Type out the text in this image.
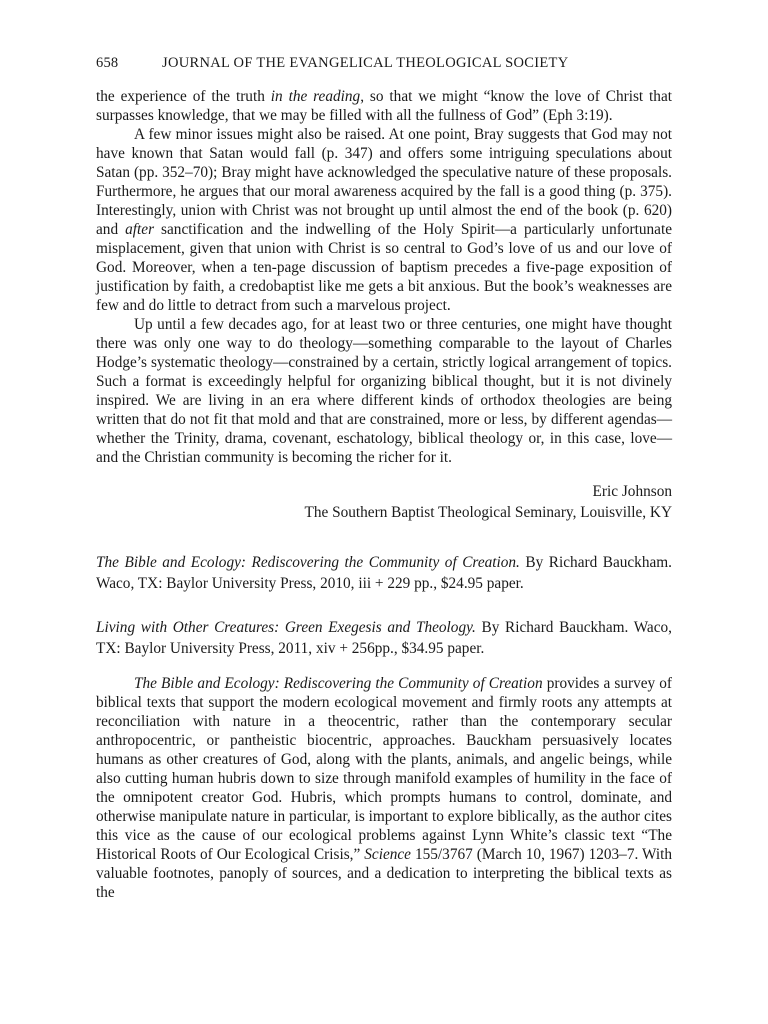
658	JOURNAL OF THE EVANGELICAL THEOLOGICAL SOCIETY

the experience of the truth in the reading, so that we might “know the love of Christ that surpasses knowledge, that we may be filled with all the fullness of God” (Eph 3:19).

A few minor issues might also be raised. At one point, Bray suggests that God may not have known that Satan would fall (p. 347) and offers some intriguing speculations about Satan (pp. 352–70); Bray might have acknowledged the speculative nature of these proposals. Furthermore, he argues that our moral awareness acquired by the fall is a good thing (p. 375). Interestingly, union with Christ was not brought up until almost the end of the book (p. 620) and after sanctification and the indwelling of the Holy Spirit—a particularly unfortunate misplacement, given that union with Christ is so central to God’s love of us and our love of God. Moreover, when a ten-page discussion of baptism precedes a five-page exposition of justification by faith, a credobaptist like me gets a bit anxious. But the book’s weaknesses are few and do little to detract from such a marvelous project.

Up until a few decades ago, for at least two or three centuries, one might have thought there was only one way to do theology—something comparable to the layout of Charles Hodge’s systematic theology—constrained by a certain, strictly logical arrangement of topics. Such a format is exceedingly helpful for organizing biblical thought, but it is not divinely inspired. We are living in an era where different kinds of orthodox theologies are being written that do not fit that mold and that are constrained, more or less, by different agendas—whether the Trinity, drama, covenant, eschatology, biblical theology or, in this case, love—and the Christian community is becoming the richer for it.

Eric Johnson
The Southern Baptist Theological Seminary, Louisville, KY
The Bible and Ecology: Rediscovering the Community of Creation. By Richard Bauckham. Waco, TX: Baylor University Press, 2010, iii + 229 pp., $24.95 paper.
Living with Other Creatures: Green Exegesis and Theology. By Richard Bauckham. Waco, TX: Baylor University Press, 2011, xiv + 256pp., $34.95 paper.

The Bible and Ecology: Rediscovering the Community of Creation provides a survey of biblical texts that support the modern ecological movement and firmly roots any attempts at reconciliation with nature in a theocentric, rather than the contemporary secular anthropocentric, or pantheistic biocentric, approaches. Bauckham persuasively locates humans as other creatures of God, along with the plants, animals, and angelic beings, while also cutting human hubris down to size through manifold examples of humility in the face of the omnipotent creator God. Hubris, which prompts humans to control, dominate, and otherwise manipulate nature in particular, is important to explore biblically, as the author cites this vice as the cause of our ecological problems against Lynn White’s classic text “The Historical Roots of Our Ecological Crisis,” Science 155/3767 (March 10, 1967) 1203–7. With valuable footnotes, panoply of sources, and a dedication to interpreting the biblical texts as the
